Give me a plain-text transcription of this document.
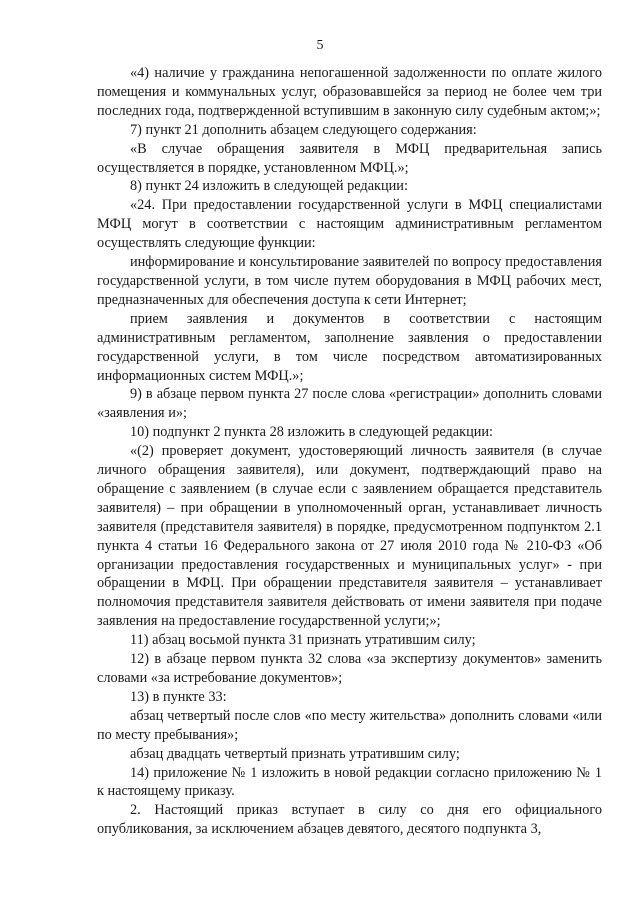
5

«4) наличие у гражданина непогашенной задолженности по оплате жилого помещения и коммунальных услуг, образовавшейся за период не более чем три последних года, подтвержденной вступившим в законную силу судебным актом;»;

7) пункт 21 дополнить абзацем следующего содержания:

«В случае обращения заявителя в МФЦ предварительная запись осуществляется в порядке, установленном МФЦ.»;

8) пункт 24 изложить в следующей редакции:

«24. При предоставлении государственной услуги в МФЦ специалистами МФЦ могут в соответствии с настоящим административным регламентом осуществлять следующие функции:

информирование и консультирование заявителей по вопросу предоставления государственной услуги, в том числе путем оборудования в МФЦ рабочих мест, предназначенных для обеспечения доступа к сети Интернет;

прием заявления и документов в соответствии с настоящим административным регламентом, заполнение заявления о предоставлении государственной услуги, в том числе посредством автоматизированных информационных систем МФЦ.»;

9) в абзаце первом пункта 27 после слова «регистрации» дополнить словами «заявления и»;

10) подпункт 2 пункта 28 изложить в следующей редакции:

«(2) проверяет документ, удостоверяющий личность заявителя (в случае личного обращения заявителя), или документ, подтверждающий право на обращение с заявлением (в случае если с заявлением обращается представитель заявителя) – при обращении в уполномоченный орган, устанавливает личность заявителя (представителя заявителя) в порядке, предусмотренном подпунктом 2.1 пункта 4 статьи 16 Федерального закона от 27 июля 2010 года № 210-ФЗ «Об организации предоставления государственных и муниципальных услуг» - при обращении в МФЦ. При обращении представителя заявителя – устанавливает полномочия представителя заявителя действовать от имени заявителя при подаче заявления на предоставление государственной услуги;»;

11) абзац восьмой пункта 31 признать утратившим силу;

12) в абзаце первом пункта 32 слова «за экспертизу документов» заменить словами «за истребование документов»;

13) в пункте 33:

абзац четвертый после слов «по месту жительства» дополнить словами «или по месту пребывания»;

абзац двадцать четвертый признать утратившим силу;

14) приложение № 1 изложить в новой редакции согласно приложению № 1 к настоящему приказу.

2. Настоящий приказ вступает в силу со дня его официального опубликования, за исключением абзацев девятого, десятого подпункта 3,
